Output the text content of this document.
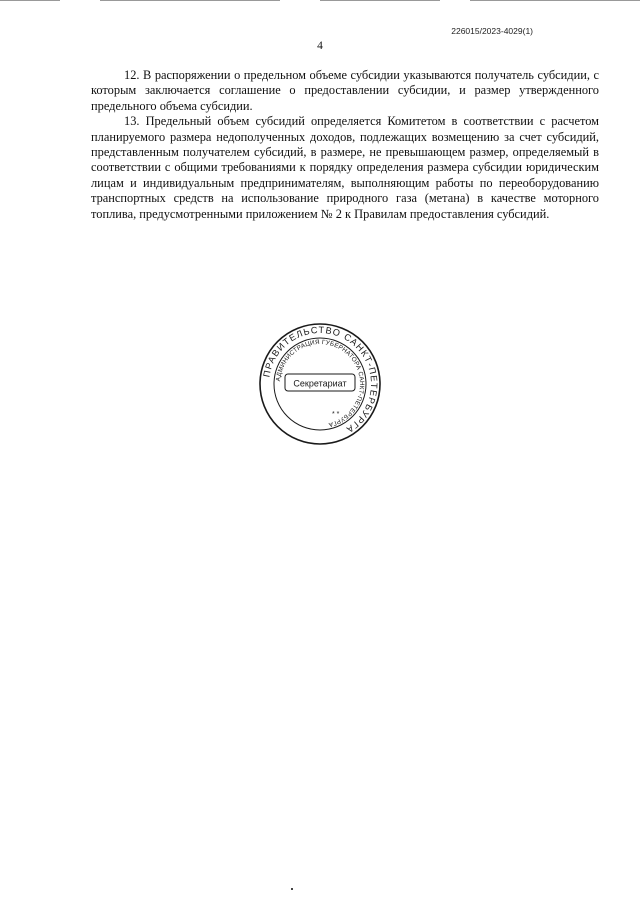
226015/2023-4029(1)
4

12. В распоряжении о предельном объеме субсидии указываются получатель субсидии, с которым заключается соглашение о предоставлении субсидии, и размер утвержденного предельного объема субсидии.

13. Предельный объем субсидий определяется Комитетом в соответствии с расчетом планируемого размера недополученных доходов, подлежащих возмещению за счет субсидий, представленным получателем субсидий, в размере, не превышающем размер, определяемый в соответствии с общими требованиями к порядку определения размера субсидии юридическим лицам и индивидуальным предпринимателям, выполняющим работы по переоборудованию транспортных средств на использование природного газа (метана) в качестве моторного топлива, предусмотренными приложением № 2 к Правилам предоставления субсидий.

ПРАВИТЕЛЬСТВО САНКТ-ПЕТЕРБУРГА
АДМИНИСТРАЦИЯ ГУБЕРНАТОРА САНКТ-ПЕТЕРБУРГА
Секретариат
* *
